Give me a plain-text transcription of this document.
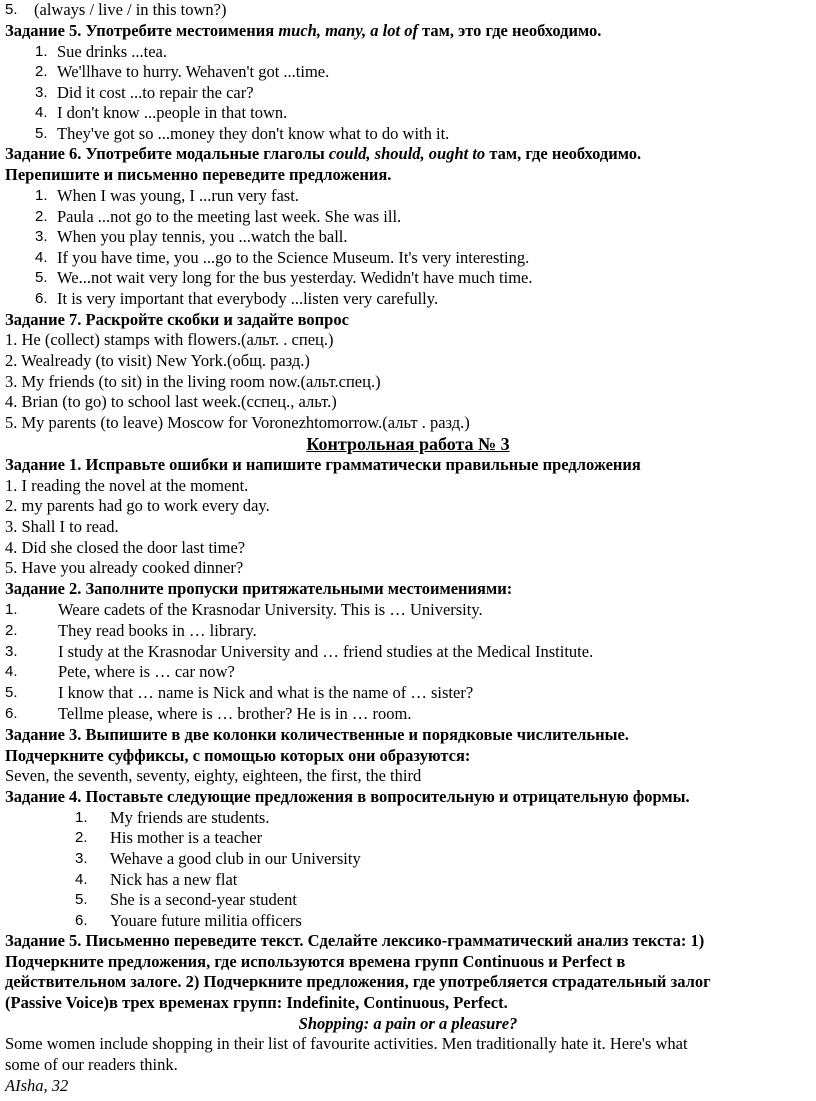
5. (always / live / in this town?)
Задание 5. Употребите местоимения much, many, a lot of там, это где необходимо.
1. Sue drinks ...tea.
2. We'llhave to hurry. Wehaven't got ...time.
3. Did it cost ...to repair the car?
4. I don't know ...people in that town.
5. They've got so ...money they don't know what to do with it.
Задание 6. Употребите модальные глаголы could, should, ought to там, где необходимо.
Перепишите и письменно переведите предложения.
1. When I was young, I ...run very fast.
2. Paula ...not go to the meeting last week. She was ill.
3. When you play tennis, you ...watch the ball.
4. If you have time, you ...go to the Science Museum. It's very interesting.
5. We...not wait very long for the bus yesterday. Wedidn't have much time.
6. It is very important that everybody ...listen very carefully.
Задание 7. Раскройте скобки и задайте вопрос
1. He (collect) stamps with flowers.(альт. . спец.)
2. Wealready (to visit) New York.(общ. разд.)
3. My friends (to sit) in the living room now.(альт.спец.)
4. Brian (to go) to school last week.(cспец., альт.)
5. My parents (to leave) Moscow for Voronezhtomorrow.(альт . разд.)
Контрольная работа № 3
Задание 1. Исправьте ошибки и напишите грамматически правильные предложения
1. I reading the novel at the moment.
2. my parents had go to work every day.
3. Shall I to read.
4. Did she closed the door last time?
5. Have you already cooked dinner?
Задание 2. Заполните пропуски притяжательными местоимениями:
1. Weare cadets of the Krasnodar University. This is … University.
2. They read books in … library.
3. I study at the Krasnodar University and … friend studies at the Medical Institute.
4. Pete, where is … car now?
5. I know that … name is Nick and what is the name of … sister?
6. Tellme please, where is … brother? He is in … room.
Задание 3. Выпишите в две колонки количественные и порядковые числительные.
Подчеркните суффиксы, с помощью которых они образуются:
Seven, the seventh, seventy, eighty, eighteen, the first, the third
Задание 4. Поставьте следующие предложения в вопросительную и отрицательную формы.
1. My friends are students.
2. His mother is a teacher
3. Wehave a good club in our University
4. Nick has a new flat
5. She is a second-year student
6. Youare future militia officers
Задание 5. Письменно переведите текст. Сделайте лексико-грамматический анализ текста: 1)
Подчеркните предложения, где используются времена групп Continuous и Perfect в
действительном залоге. 2) Подчеркните предложения, где употребляется страдательный залог
(Passive Voice)в трех временах групп: Indefinite, Continuous, Perfect.
Shopping: a pain or a pleasure?
Some women include shopping in their list of favourite activities. Men traditionally hate it. Here's what
some of our readers think.
AIsha, 32
